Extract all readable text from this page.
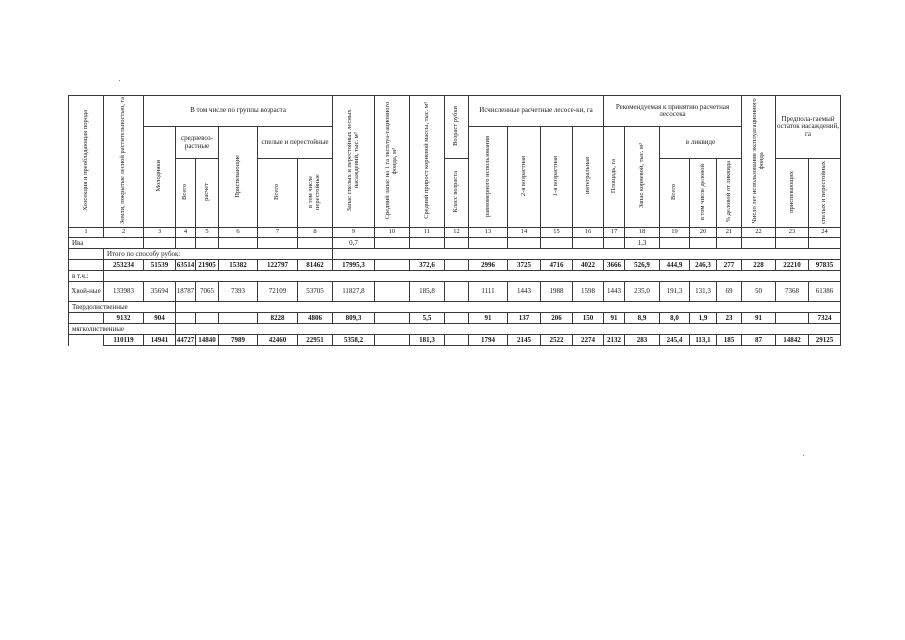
Хозсекция и преобладающая порода	Земли, покрытые лесной растительностью, га	В том числе по группы возраста						Запас спелых и перестойных лесных насаждений, тыс. м³	Средний запас на 1 га эксплуа-тационного фонда, м³	Средний прирост корневой массы, тыс. м³	Возраст рубки	Исчисленные расчетные лесосе-ки, га				Рекомендуемая к принятию расчетная лесосека					Число лет использования эксплуатационного фонда	Предпола-гаемый остаток насаждений, га	
		Молодняки	средневоз-растные		Приспевающие	спелые и перестойные						равномерного использования	2-я возрастная	1-я возрастная	интегральная	Площадь, га	Запас корневой, тыс. м³	в ликвиде					
			Всего	расчет		Всего	в том числе перестойные				Класс возраста							Всего	в том числе деловой	% деловой от ликвида		приспевающих	спелых и перестойных
1	2	3	4	5	6	7	8	9	10	11	12	13	14	15	16	17	18	19	20	21	22	23	24
Ива								0,7									1,3						
	Итого по способу рубок:																						
	253234	51539	63514	21905	15382	122797	81462	17995,3		372,6		2996	3725	4716	4022	3666	526,9	444,9	246,3	277	228	22210	97835
в т.ч.:																							
Хвой-ные	133983	35694	18787	7065	7393	72109	53705	11827,8		185,8		1111	1443	1988	1598	1443	235,0	191,3	131,3	69	50	7368	61386
Твердолиственные																							
	9132	904				8228	4806	809,3		5,5		91	137	206	150	91	8,9	8,0	1,9	23	91		7324
мягколиственные																							
	110119	14941	44727	14840	7989	42460	22951	5358,2		181,3		1794	2145	2522	2274	2132	283	245,4	113,1	185	87	14842	29125
